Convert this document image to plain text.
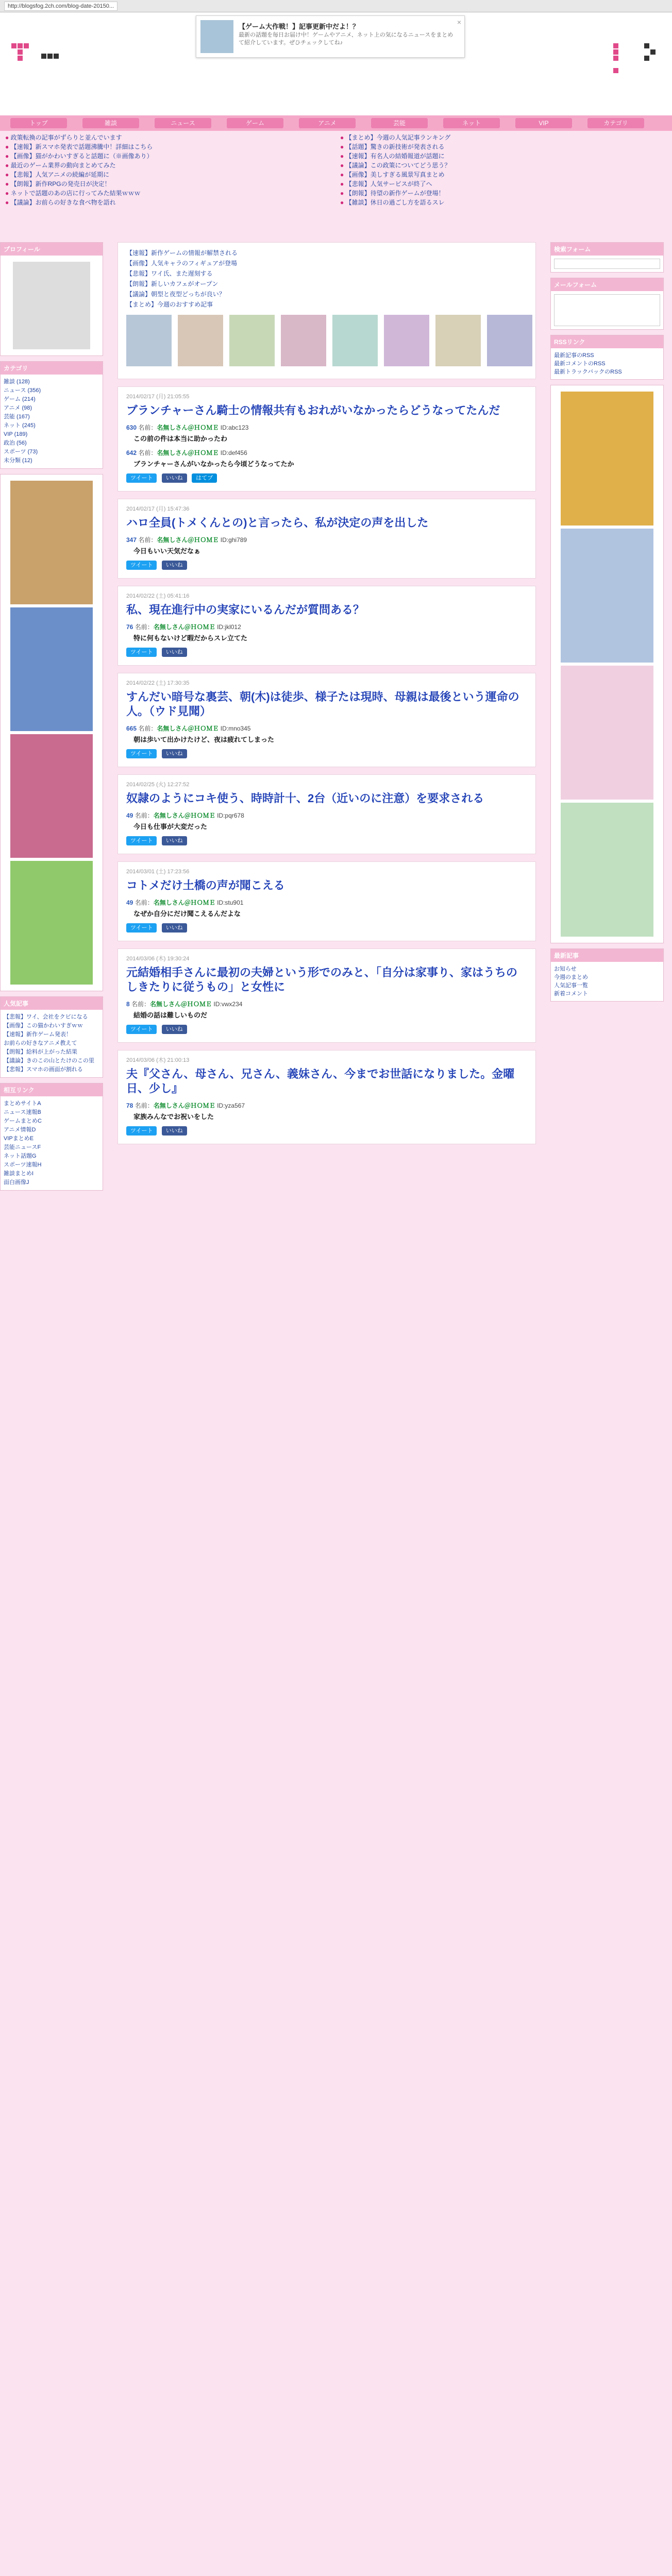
http://blogsfog.2ch.com/blog-date-20150...
【ゲーム大作戦！】記事更新中だよ！？
最新の話題を毎日お届け中！ゲームやアニメ、ネット上の気になるニュースをまとめて紹介しています。ぜひチェックしてね♪
×
トップ	雑談	ニュース	ゲーム	アニメ	芸能	ネット	VIP	カテゴリ
● 政策転換の記事がずらりと並んでいます
● 【速報】新スマホ発表で話題沸騰中！詳細はこちら
● 【画像】猫がかわいすぎると話題に（※画像あり）
● 最近のゲーム業界の動向まとめてみた
● 【悲報】人気アニメの続編が延期に
● 【朗報】新作RPGの発売日が決定！
● ネットで話題のあの店に行ってみた結果ｗｗｗ
● 【議論】お前らの好きな食べ物を語れ
● 【まとめ】今週の人気記事ランキング
● 【話題】驚きの新技術が発表される
● 【速報】有名人の結婚報道が話題に
● 【議論】この政策についてどう思う？
● 【画像】美しすぎる風景写真まとめ
● 【悲報】人気サービスが終了へ
● 【朗報】待望の新作ゲームが登場！
● 【雑談】休日の過ごし方を語るスレ
プロフィール
カテゴリ
雑談 (128)
ニュース (356)
ゲーム (214)
アニメ (98)
芸能 (167)
ネット (245)
VIP (189)
政治 (56)
スポーツ (73)
未分類 (12)
人気記事
【悲報】ワイ、会社をクビになる
【画像】この猫かわいすぎｗｗ
【速報】新作ゲーム発表！
お前らの好きなアニメ教えて
【朗報】給料が上がった結果
【議論】きのこの山とたけのこの里
【悲報】スマホの画面が割れる
相互リンク
まとめサイトA
ニュース速報B
ゲームまとめC
アニメ情報D
VIPまとめE
芸能ニュースF
ネット話題G
スポーツ速報H
雑談まとめI
面白画像J
【速報】新作ゲームの情報が解禁される
【画像】人気キャラのフィギュアが登場
【悲報】ワイ氏、また遅刻する
【朗報】新しいカフェがオープン
【議論】朝型と夜型どっちが良い？
【まとめ】今週のおすすめ記事
2014/02/17 (月) 21:05:55
ブランチャーさん騎士の情報共有もおれがいなかったらどうなってたんだ
630 名前：名無しさん＠ＨＯＭＥ ID:abc123
この前の件は本当に助かったわ
642 名前：名無しさん＠ＨＯＭＥ ID:def456
ブランチャーさんがいなかったら今頃どうなってたか
ツイート いいね はてブ
2014/02/17 (月) 15:47:36
ハロ全員(トメくんとの)と言ったら、私が決定の声を出した
347 名前：名無しさん＠ＨＯＭＥ ID:ghi789
今日もいい天気だなぁ
ツイート いいね
2014/02/22 (土) 05:41:16
私、現在進行中の実家にいるんだが質問ある？
76 名前：名無しさん＠ＨＯＭＥ ID:jkl012
特に何もないけど暇だからスレ立てた
ツイート いいね
2014/02/22 (土) 17:30:35
すんだい暗号な裏芸、朝(木)は徒歩、様子たは現時、母親は最後という運命の人。（ウド見聞）
665 名前：名無しさん＠ＨＯＭＥ ID:mno345
朝は歩いて出かけたけど、夜は疲れてしまった
ツイート いいね
2014/02/25 (火) 12:27:52
奴隷のようにコキ使う、時時計十、2台（近いのに注意）を要求される
49 名前：名無しさん＠ＨＯＭＥ ID:pqr678
今日も仕事が大変だった
ツイート いいね
2014/03/01 (土) 17:23:56
コトメだけ土橋の声が聞こえる
49 名前：名無しさん＠ＨＯＭＥ ID:stu901
なぜか自分にだけ聞こえるんだよな
ツイート いいね
2014/03/06 (木) 19:30:24
元結婚相手さんに最初の夫婦という形でのみと、「自分は家事り、家はうちのしきたりに従うもの」と女性に
8 名前：名無しさん＠ＨＯＭＥ ID:vwx234
結婚の話は難しいものだ
ツイート いいね
2014/03/06 (木) 21:00:13
夫『父さん、母さん、兄さん、義妹さん、今までお世話になりました。金曜日、少し』
78 名前：名無しさん＠ＨＯＭＥ ID:yza567
家族みんなでお祝いをした
ツイート いいね
検索フォーム
メールフォーム
RSSリンク
最新記事のRSS
最新コメントのRSS
最新トラックバックのRSS
最新記事
お知らせ
今週のまとめ
人気記事一覧
新着コメント
